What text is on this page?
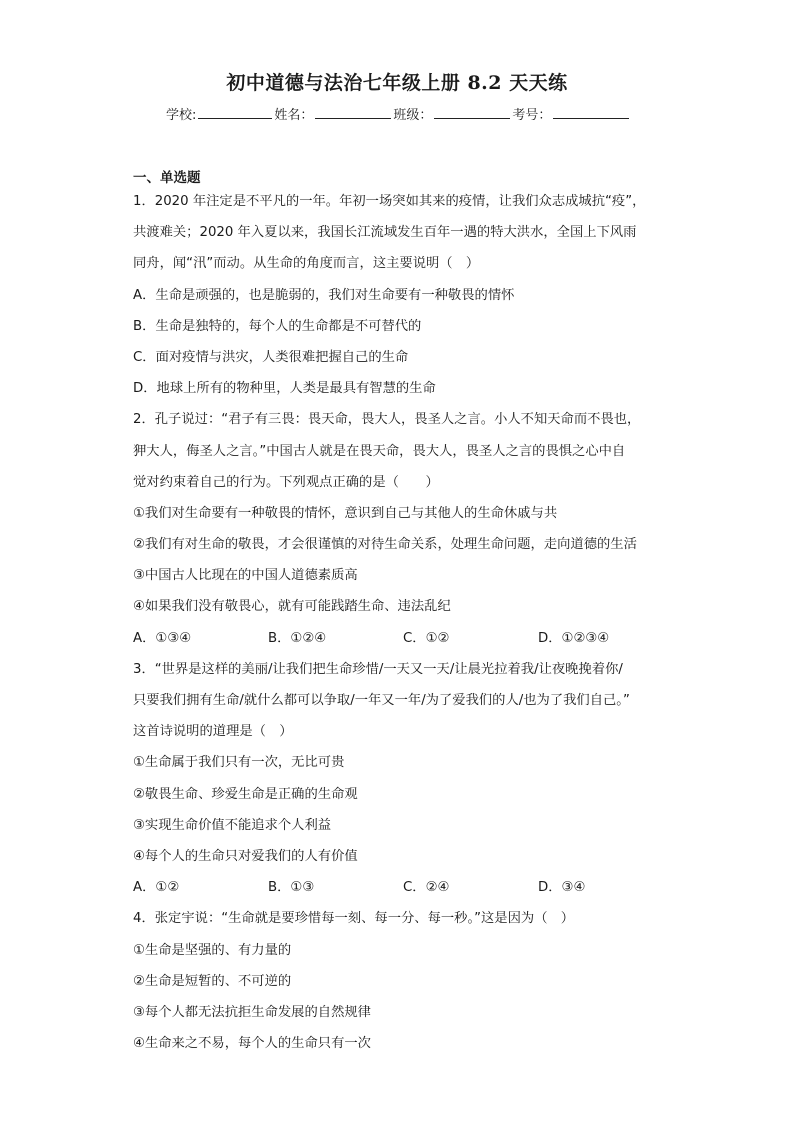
初中道德与法治七年级上册 8.2 天天练
学校:	姓名：	班级：	考号：
一、单选题
1．2020 年注定是不平凡的一年。年初一场突如其来的疫情，让我们众志成城抗“疫”，
共渡难关；2020 年入夏以来，我国长江流域发生百年一遇的特大洪水，全国上下风雨
同舟，闻“汛”而动。从生命的角度而言，这主要说明（　）
A．生命是顽强的，也是脆弱的，我们对生命要有一种敬畏的情怀
B．生命是独特的，每个人的生命都是不可替代的
C．面对疫情与洪灾，人类很难把握自己的生命
D．地球上所有的物种里，人类是最具有智慧的生命
2．孔子说过：“君子有三畏：畏天命，畏大人，畏圣人之言。小人不知天命而不畏也，
狎大人，侮圣人之言。”中国古人就是在畏天命，畏大人，畏圣人之言的畏惧之心中自
觉对约束着自己的行为。下列观点正确的是（　　）
①我们对生命要有一种敬畏的情怀，意识到自己与其他人的生命休戚与共
②我们有对生命的敬畏，才会很谨慎的对待生命关系，处理生命问题，走向道德的生活
③中国古人比现在的中国人道德素质高
④如果我们没有敬畏心，就有可能践踏生命、违法乱纪
A．①③④	B．①②④	C．①②	D．①②③④
3．“世界是这样的美丽/让我们把生命珍惜/一天又一天/让晨光拉着我/让夜晚挽着你/
只要我们拥有生命/就什么都可以争取/一年又一年/为了爱我们的人/也为了我们自己。”
这首诗说明的道理是（　）
①生命属于我们只有一次，无比可贵
②敬畏生命、珍爱生命是正确的生命观
③实现生命价值不能追求个人利益
④每个人的生命只对爱我们的人有价值
A．①②	B．①③	C．②④	D．③④
4．张定宇说：“生命就是要珍惜每一刻、每一分、每一秒。”这是因为（　）
①生命是坚强的、有力量的
②生命是短暂的、不可逆的
③每个人都无法抗拒生命发展的自然规律
④生命来之不易，每个人的生命只有一次
